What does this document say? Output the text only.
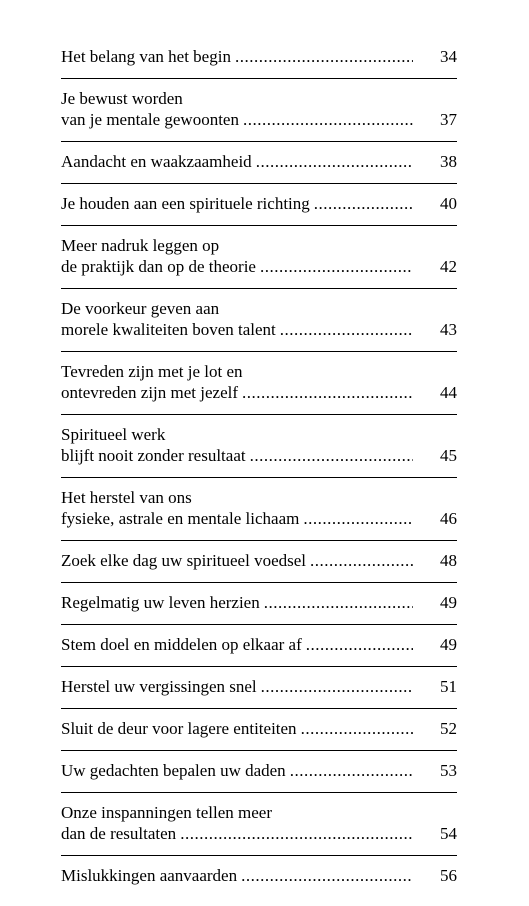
Het belang van het begin .....	34
Je bewust worden
van je mentale gewoonten .....	37
Aandacht en waakzaamheid .....	38
Je houden aan een spirituele richting .....	40
Meer nadruk leggen op
de praktijk dan op de theorie .....	42
De voorkeur geven aan
morele kwaliteiten boven talent .....	43
Tevreden zijn met je lot en
ontevreden zijn met jezelf .....	44
Spiritueel werk
blijft nooit zonder resultaat .....	45
Het herstel van ons
fysieke, astrale en mentale lichaam .....	46
Zoek elke dag uw spiritueel voedsel .....	48
Regelmatig uw leven herzien .....	49
Stem doel en middelen op elkaar af .....	49
Herstel uw vergissingen snel .....	51
Sluit de deur voor lagere entiteiten .....	52
Uw gedachten bepalen uw daden .....	53
Onze inspanningen tellen meer
dan de resultaten .....	54
Mislukkingen aanvaarden .....	56
